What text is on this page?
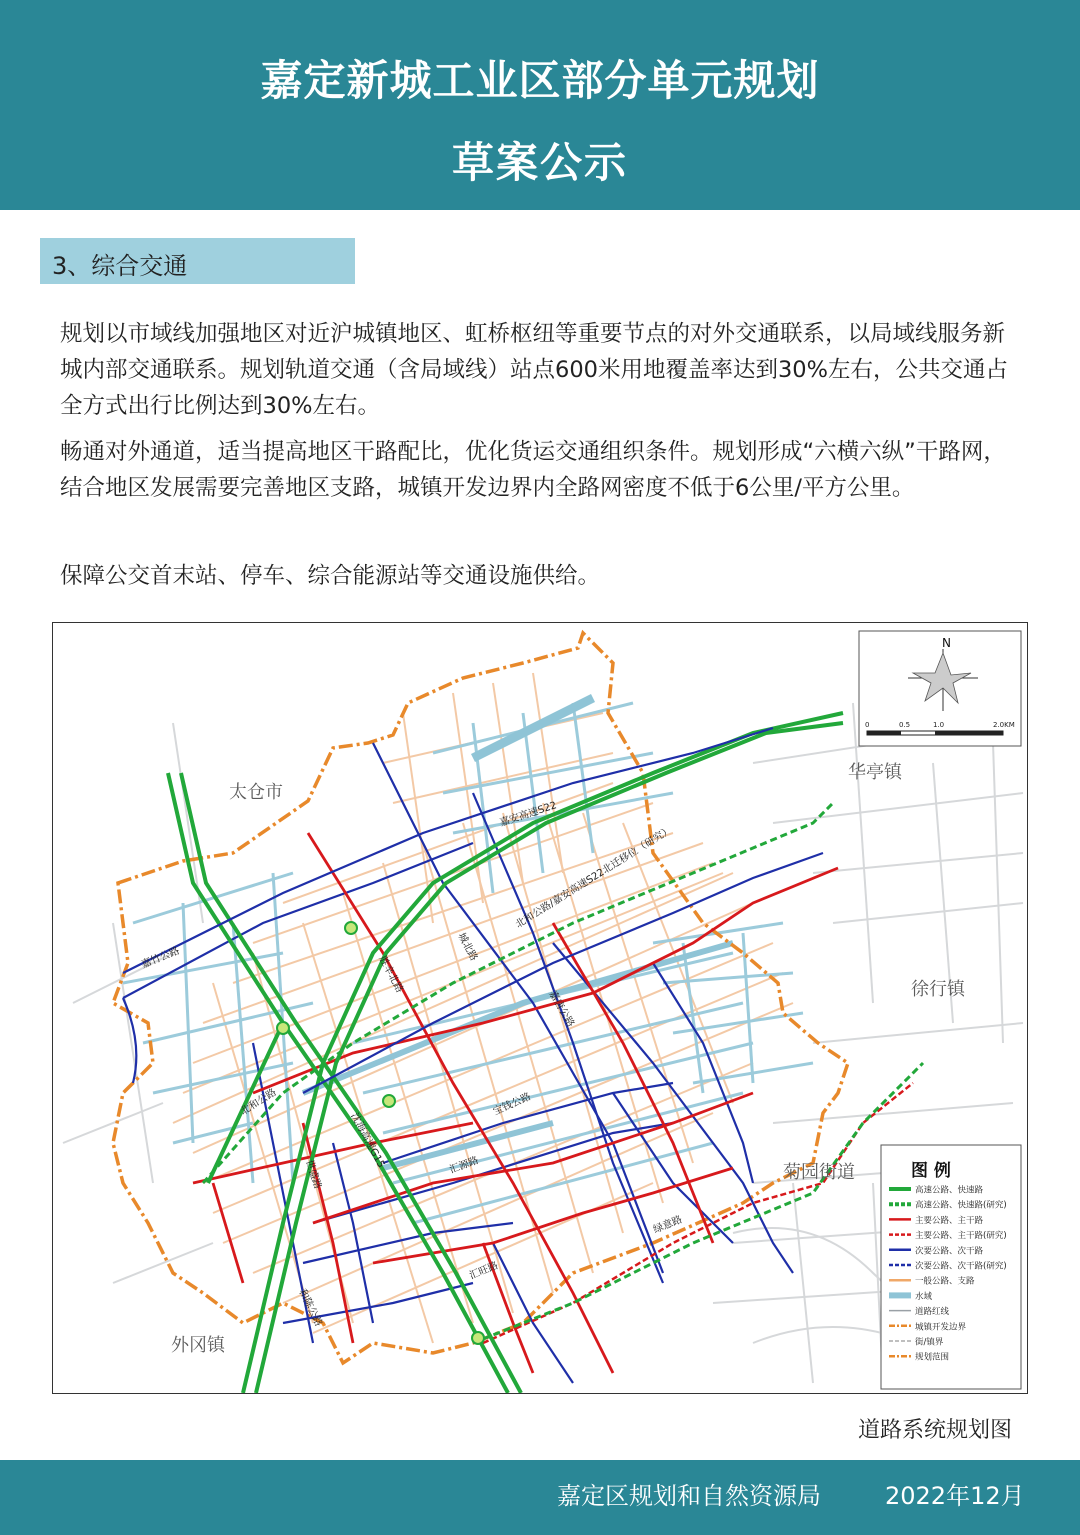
嘉定新城工业区部分单元规划
草案公示
3、综合交通
规划以市域线加强地区对近沪城镇地区、虹桥枢纽等重要节点的对外交通联系，以局域线服务新城内部交通联系。规划轨道交通（含局域线）站点600米用地覆盖率达到30%左右，公共交通占全方式出行比例达到30%左右。
畅通对外通道，适当提高地区干路配比，优化货运交通组织条件。规划形成“六横六纵”干路网，结合地区发展需要完善地区支路，城镇开发边界内全路网密度不低于6公里/平方公里。
保障公交首末站、停车、综合能源站等交通设施供给。
太仓市
华亭镇
徐行镇
菊园街道
外冈镇
嘉安高速S22
北和公路/嘉安高速S22北迁移位（研究）
城北路
胜辛北路
嘉唐公路
嘉竹公路
北和公路	宝钱公路
沈海高速G15
世盛路	汇源路
汇旺路
绿意路
和陈公路
N
0	0.5	1.0	2.0KM
图 例
高速公路、快速路
高速公路、快速路(研究)
主要公路、主干路
主要公路、主干路(研究)
次要公路、次干路
次要公路、次干路(研究)
一般公路、支路
水域
道路红线
城镇开发边界
街/镇界
规划范围
道路系统规划图
嘉定区规划和自然资源局	2022年12月
